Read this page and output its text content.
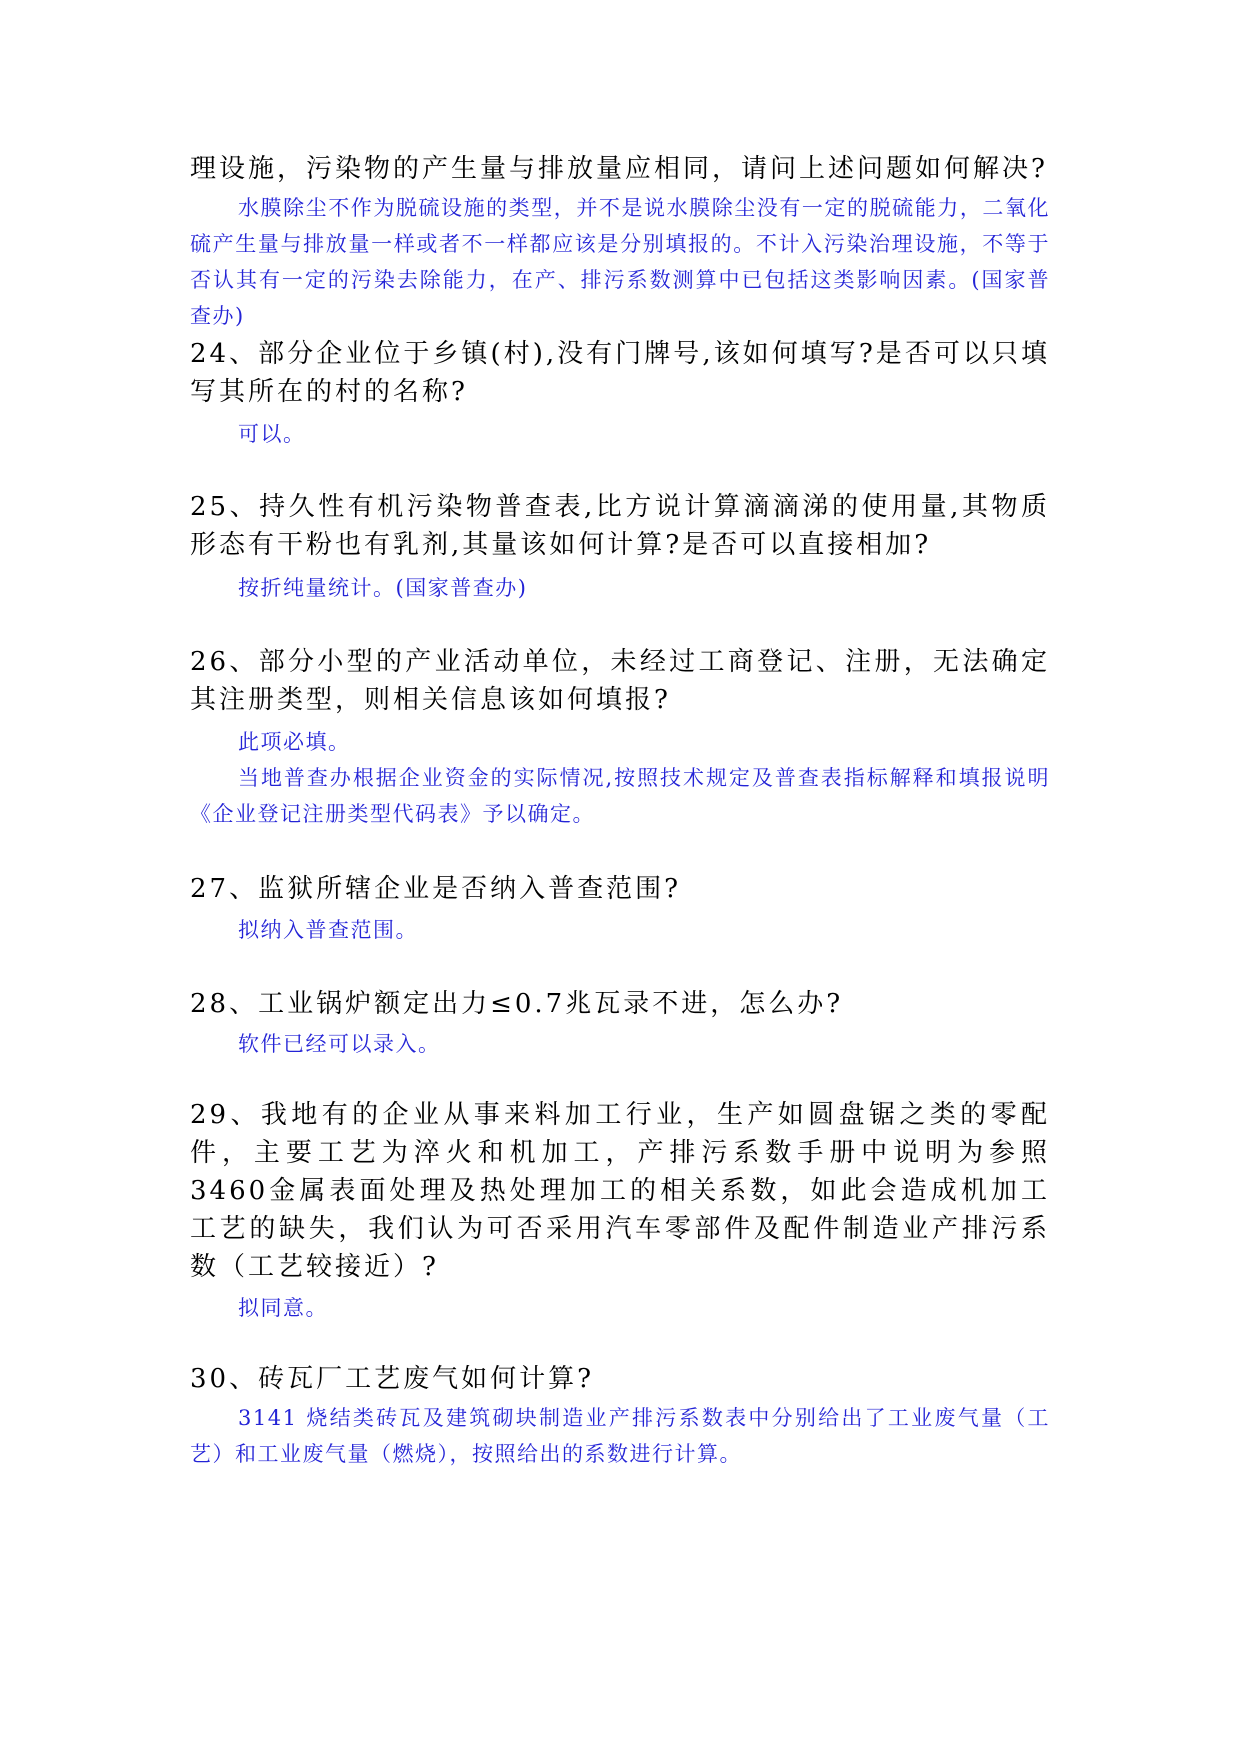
理设施，污染物的产生量与排放量应相同，请问上述问题如何解决?

水膜除尘不作为脱硫设施的类型，并不是说水膜除尘没有一定的脱硫能力，二氧化硫产生量与排放量一样或者不一样都应该是分别填报的。不计入污染治理设施，不等于否认其有一定的污染去除能力，在产、排污系数测算中已包括这类影响因素。(国家普查办)

24、部分企业位于乡镇(村),没有门牌号,该如何填写?是否可以只填写其所在的村的名称?

可以。

25、持久性有机污染物普查表,比方说计算滴滴涕的使用量,其物质形态有干粉也有乳剂,其量该如何计算?是否可以直接相加?

按折纯量统计。(国家普查办)

26、部分小型的产业活动单位，未经过工商登记、注册，无法确定其注册类型，则相关信息该如何填报?

此项必填。

当地普查办根据企业资金的实际情况,按照技术规定及普查表指标解释和填报说明《企业登记注册类型代码表》予以确定。

27、监狱所辖企业是否纳入普查范围?

拟纳入普查范围。

28、工业锅炉额定出力≤0.7兆瓦录不进，怎么办?

软件已经可以录入。

29、我地有的企业从事来料加工行业，生产如圆盘锯之类的零配件，主要工艺为淬火和机加工，产排污系数手册中说明为参照3460金属表面处理及热处理加工的相关系数，如此会造成机加工工艺的缺失，我们认为可否采用汽车零部件及配件制造业产排污系数（工艺较接近）?

拟同意。

30、砖瓦厂工艺废气如何计算?

3141 烧结类砖瓦及建筑砌块制造业产排污系数表中分别给出了工业废气量（工艺）和工业废气量（燃烧），按照给出的系数进行计算。
